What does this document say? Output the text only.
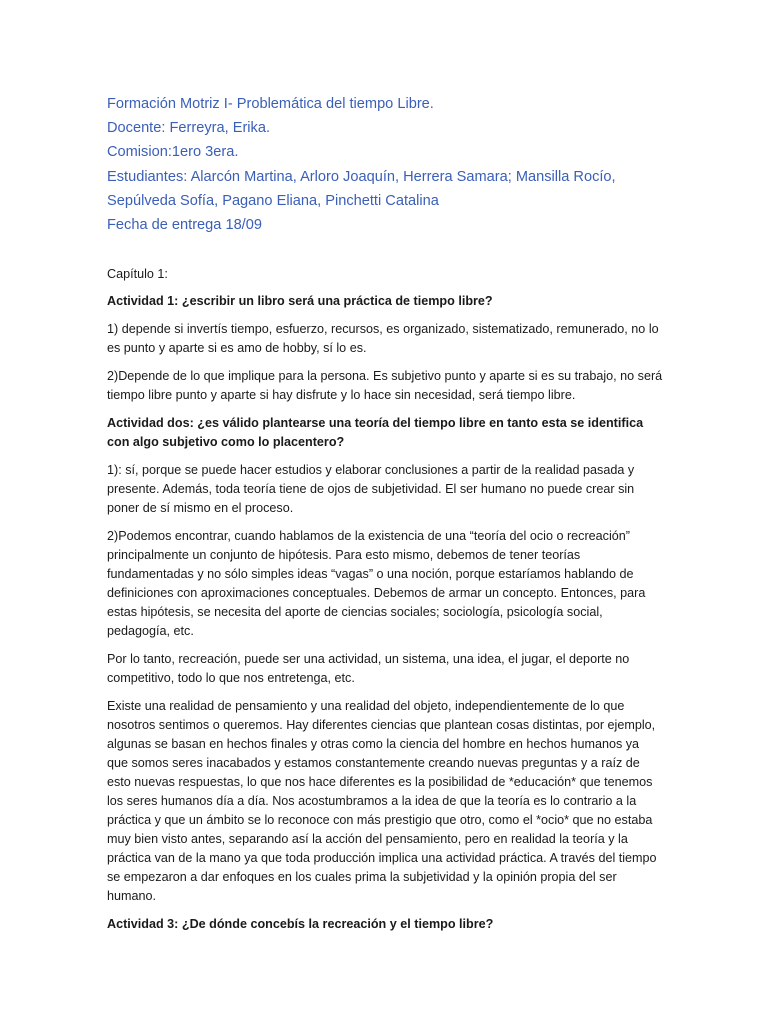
Formación Motriz I- Problemática del tiempo Libre.

Docente: Ferreyra, Erika.

Comision:1ero 3era.

Estudiantes: Alarcón Martina, Arloro Joaquín, Herrera Samara; Mansilla Rocío,

Sepúlveda Sofía, Pagano Eliana, Pinchetti Catalina

Fecha de entrega 18/09

Capítulo 1:

Actividad 1: ¿escribir un libro será una práctica de tiempo libre?

1) depende si invertís tiempo, esfuerzo, recursos, es organizado, sistematizado, remunerado, no lo es punto y aparte si es amo de hobby, sí lo es.

2)Depende de lo que implique para la persona. Es subjetivo punto y aparte si es su trabajo, no será tiempo libre punto y aparte si hay disfrute y lo hace sin necesidad, será tiempo libre.

Actividad dos: ¿es válido plantearse una teoría del tiempo libre en tanto esta se identifica con algo subjetivo como lo placentero?

1): sí, porque se puede hacer estudios y elaborar conclusiones a partir de la realidad pasada y presente. Además, toda teoría tiene de ojos de subjetividad. El ser humano no puede crear sin poner de sí mismo en el proceso.

2)Podemos encontrar, cuando hablamos de la existencia de una “teoría del ocio o recreación” principalmente un conjunto de hipótesis. Para esto mismo, debemos de tener teorías fundamentadas y no sólo simples ideas “vagas” o una noción, porque estaríamos hablando de definiciones con aproximaciones conceptuales. Debemos de armar un concepto. Entonces, para estas hipótesis, se necesita del aporte de ciencias sociales; sociología, psicología social, pedagogía, etc.

Por lo tanto, recreación, puede ser una actividad, un sistema, una idea, el jugar, el deporte no competitivo, todo lo que nos entretenga, etc.

Existe una realidad de pensamiento y una realidad del objeto, independientemente de lo que nosotros sentimos o queremos. Hay diferentes ciencias que plantean cosas distintas, por ejemplo, algunas se basan en hechos finales y otras como la ciencia del hombre en hechos humanos ya que somos seres inacabados y estamos constantemente creando nuevas preguntas y a raíz de esto nuevas respuestas, lo que nos hace diferentes es la posibilidad de *educación* que tenemos los seres humanos día a día. Nos acostumbramos a la idea de que la teoría es lo contrario a la práctica y que un ámbito se lo reconoce con más prestigio que otro, como el *ocio* que no estaba muy bien visto antes, separando así la acción del pensamiento, pero en realidad la teoría y la práctica van de la mano ya que toda producción implica una actividad práctica. A través del tiempo se empezaron a dar enfoques en los cuales prima la subjetividad y la opinión propia del ser humano.

Actividad 3: ¿De dónde concebís la recreación y el tiempo libre?
